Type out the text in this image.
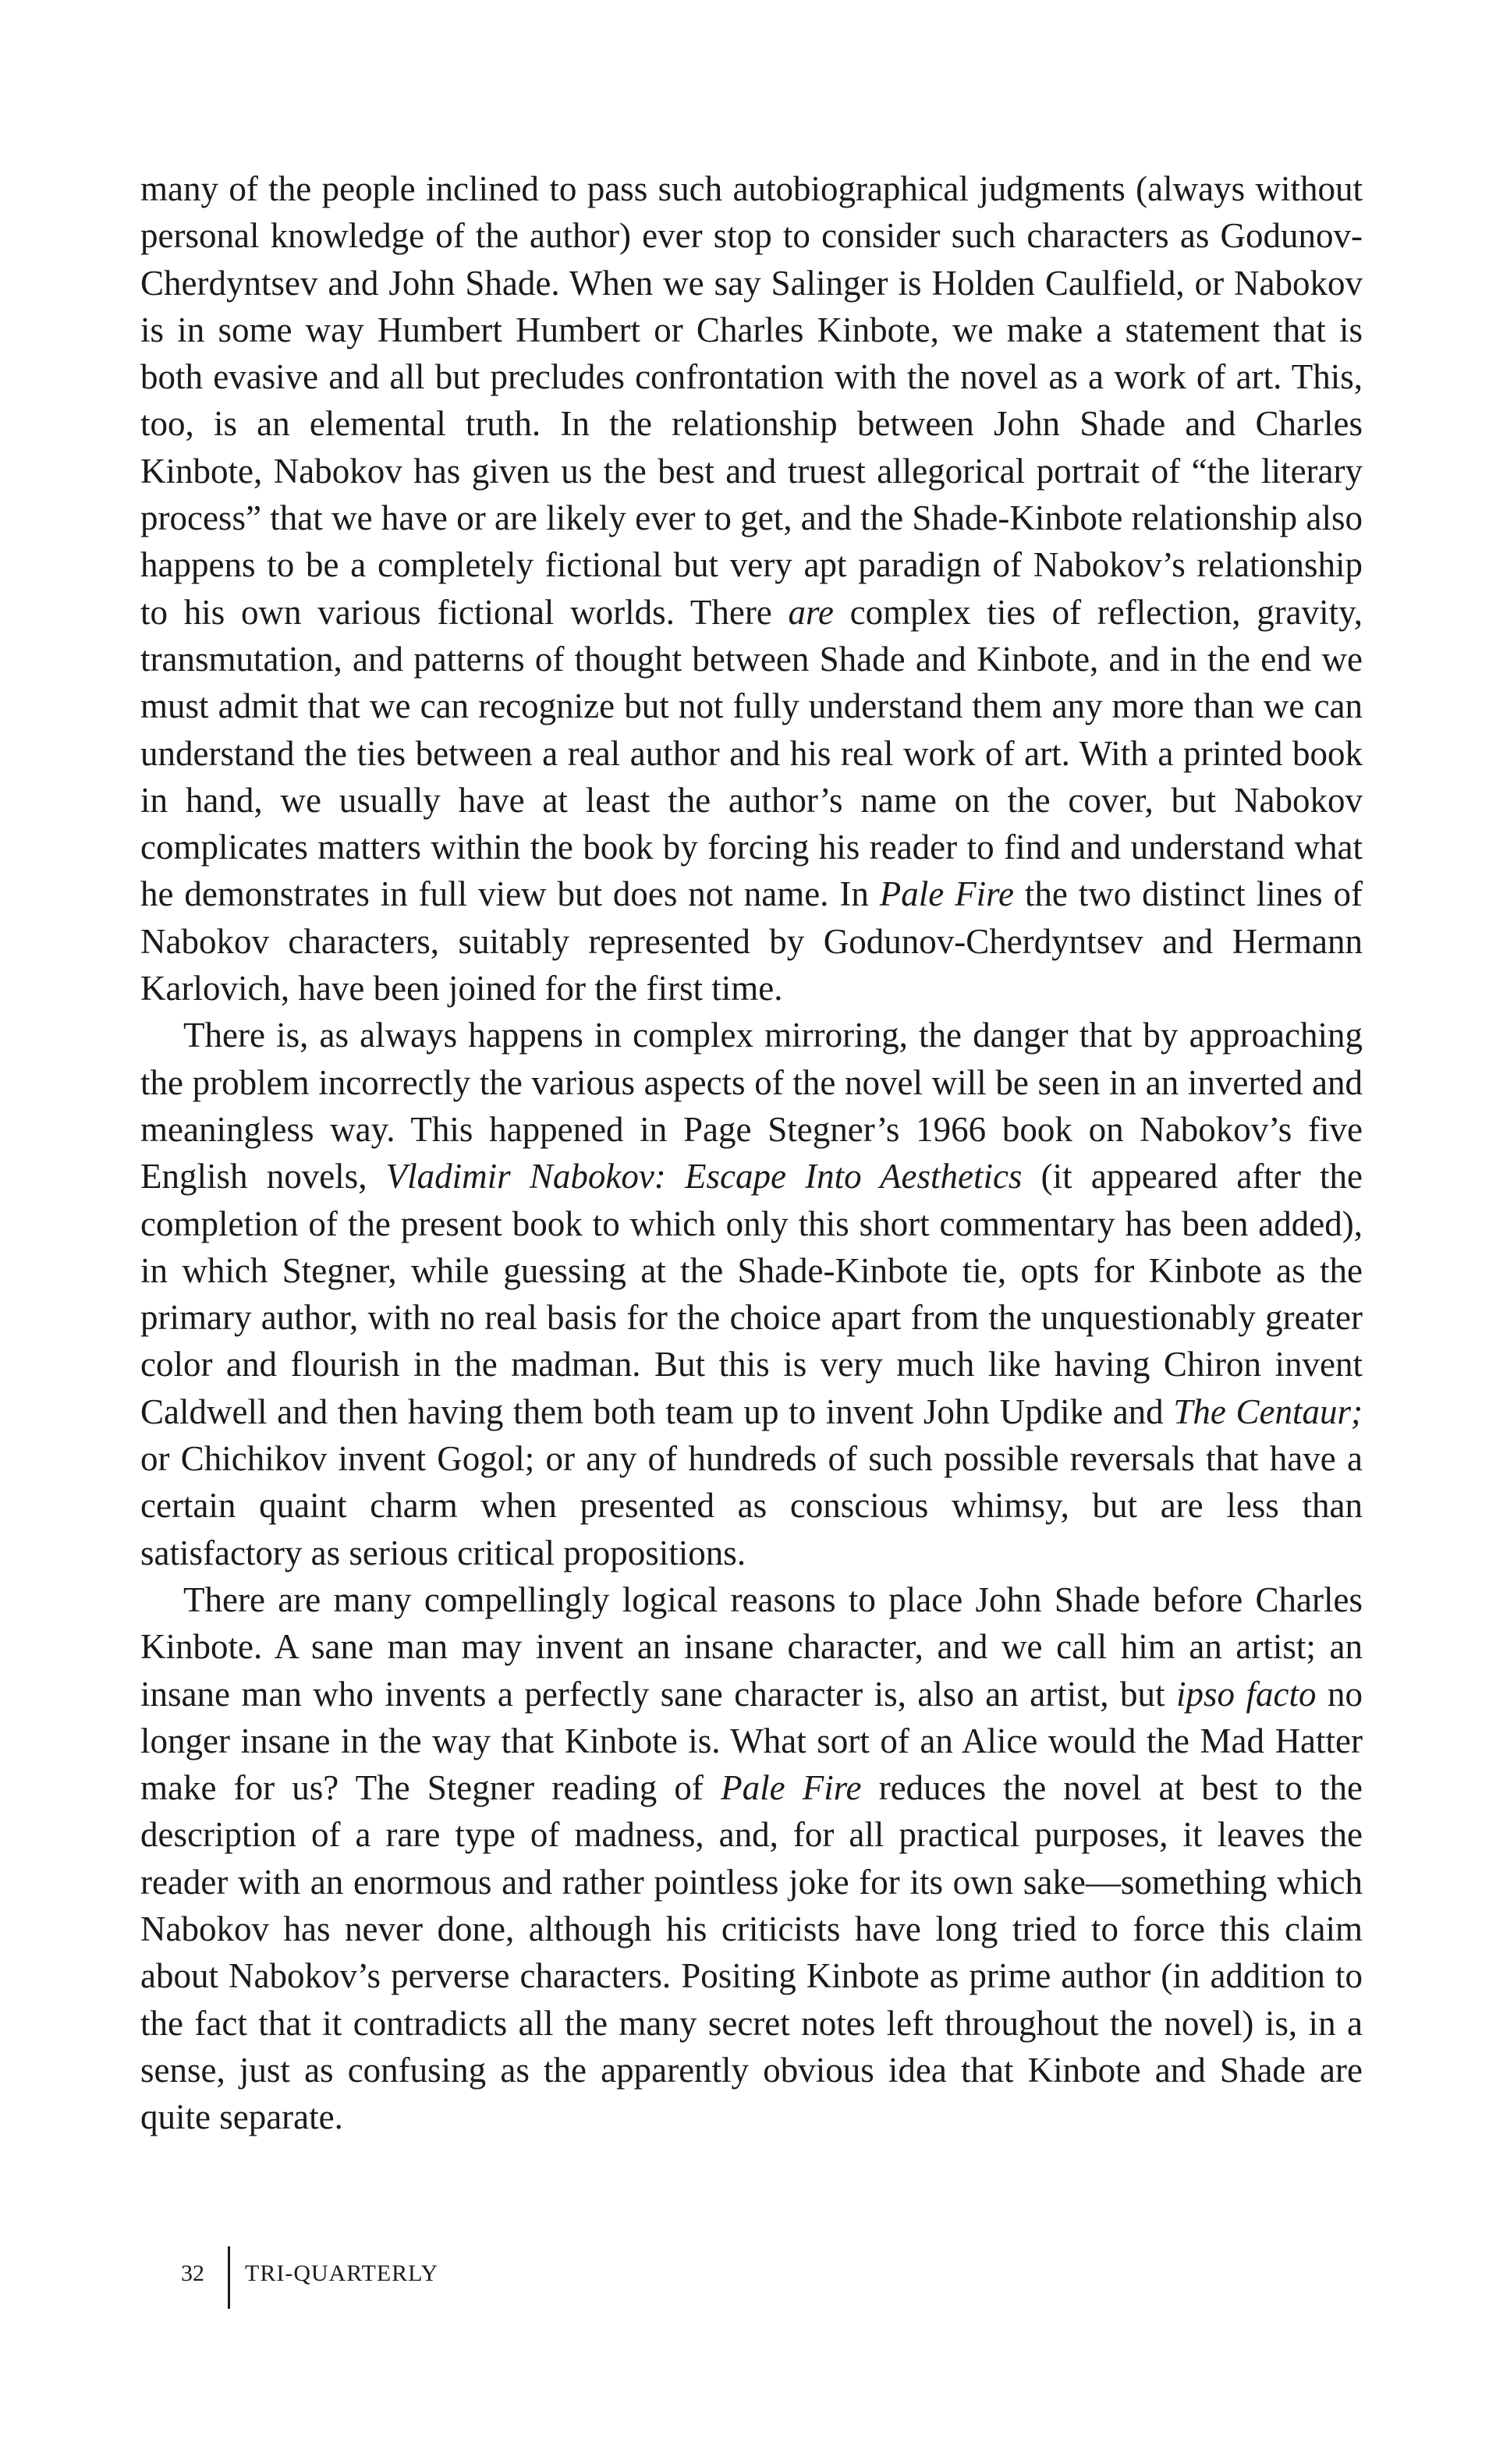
many of the people inclined to pass such autobiographical judgments (always without personal knowledge of the author) ever stop to consider such characters as Godunov-Cherdyntsev and John Shade. When we say Salinger is Holden Caulfield, or Nabokov is in some way Humbert Humbert or Charles Kinbote, we make a statement that is both evasive and all but precludes confrontation with the novel as a work of art. This, too, is an elemental truth. In the relationship between John Shade and Charles Kinbote, Nabokov has given us the best and truest allegorical portrait of “the literary process” that we have or are likely ever to get, and the Shade-Kinbote relationship also happens to be a completely fictional but very apt paradign of Nabokov’s relationship to his own various fictional worlds. There are complex ties of reflection, gravity, transmutation, and patterns of thought between Shade and Kinbote, and in the end we must admit that we can recognize but not fully understand them any more than we can understand the ties between a real author and his real work of art. With a printed book in hand, we usually have at least the author’s name on the cover, but Nabokov complicates matters within the book by forcing his reader to find and understand what he demonstrates in full view but does not name. In Pale Fire the two distinct lines of Nabokov characters, suitably represented by Godunov-Cherdyntsev and Hermann Karlovich, have been joined for the first time.

There is, as always happens in complex mirroring, the danger that by approaching the problem incorrectly the various aspects of the novel will be seen in an inverted and meaningless way. This happened in Page Stegner’s 1966 book on Nabokov’s five English novels, Vladimir Nabokov: Escape Into Aesthetics (it appeared after the completion of the present book to which only this short commentary has been added), in which Stegner, while guessing at the Shade-Kinbote tie, opts for Kinbote as the primary author, with no real basis for the choice apart from the unquestionably greater color and flourish in the madman. But this is very much like having Chiron invent Caldwell and then having them both team up to invent John Updike and The Centaur; or Chichikov invent Gogol; or any of hundreds of such possible reversals that have a certain quaint charm when presented as conscious whimsy, but are less than satisfactory as serious critical propositions.

There are many compellingly logical reasons to place John Shade before Charles Kinbote. A sane man may invent an insane character, and we call him an artist; an insane man who invents a perfectly sane character is, also an artist, but ipso facto no longer insane in the way that Kinbote is. What sort of an Alice would the Mad Hatter make for us? The Stegner reading of Pale Fire reduces the novel at best to the description of a rare type of madness, and, for all practical purposes, it leaves the reader with an enormous and rather pointless joke for its own sake—something which Nabokov has never done, although his criticists have long tried to force this claim about Nabokov’s perverse characters. Positing Kinbote as prime author (in addition to the fact that it contradicts all the many secret notes left throughout the novel) is, in a sense, just as confusing as the apparently obvious idea that Kinbote and Shade are quite separate.

32 TRI-QUARTERLY
